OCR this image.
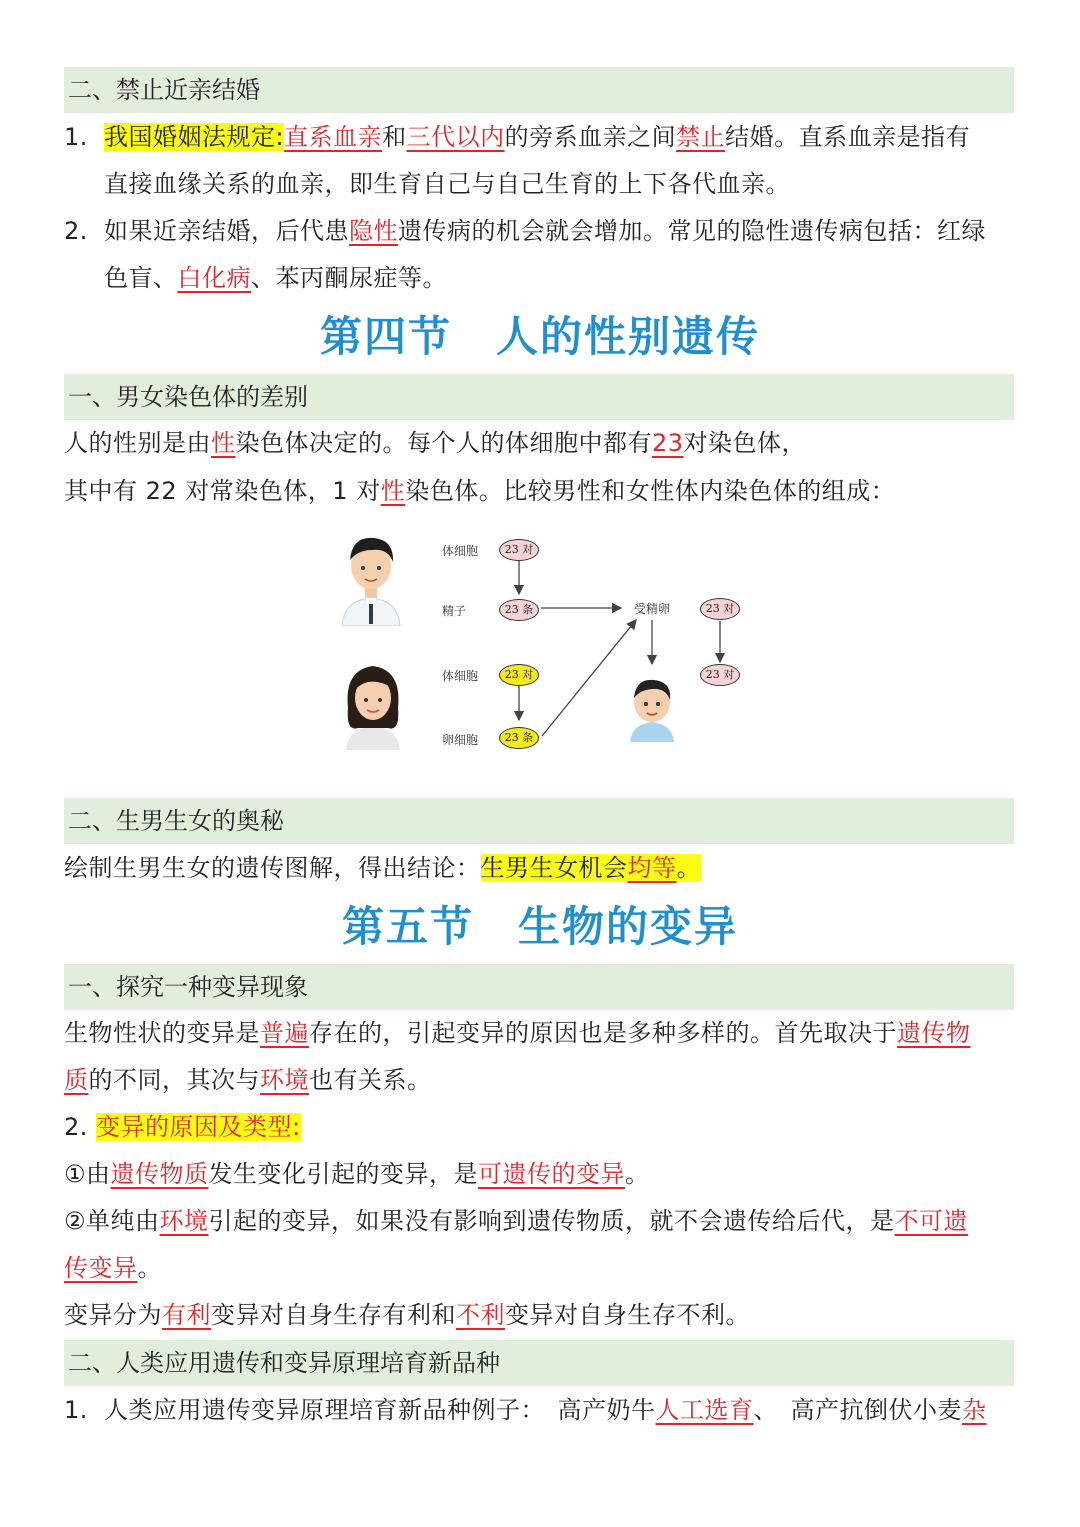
二、禁止近亲结婚
1. 我国婚姻法规定:直系血亲和三代以内的旁系血亲之间禁止结婚。直系血亲是指有
直接血缘关系的血亲，即生育自己与自己生育的上下各代血亲。
2. 如果近亲结婚，后代患隐性遗传病的机会就会增加。常见的隐性遗传病包括：红绿
色盲、白化病、苯丙酮尿症等。
第四节　人的性别遗传
一、男女染色体的差别
人的性别是由性染色体决定的。每个人的体细胞中都有23对染色体，
其中有 22 对常染色体，1 对性染色体。比较男性和女性体内染色体的组成：
体细胞	23 对
精子	23 条	受精卵	23 对
23 对
体细胞	23 对
卵细胞	23 条
二、生男生女的奥秘
绘制生男生女的遗传图解，得出结论：生男生女机会均等。
第五节　生物的变异
一、探究一种变异现象
生物性状的变异是普遍存在的，引起变异的原因也是多种多样的。首先取决于遗传物
质的不同，其次与环境也有关系。
2. 变异的原因及类型:
①由遗传物质发生变化引起的变异，是可遗传的变异。
②单纯由环境引起的变异，如果没有影响到遗传物质，就不会遗传给后代，是不可遗
传变异。
变异分为有利变异对自身生存有利和不利变异对自身生存不利。
二、人类应用遗传和变异原理培育新品种
1. 人类应用遗传变异原理培育新品种例子：　高产奶牛人工选育、　高产抗倒伏小麦杂
